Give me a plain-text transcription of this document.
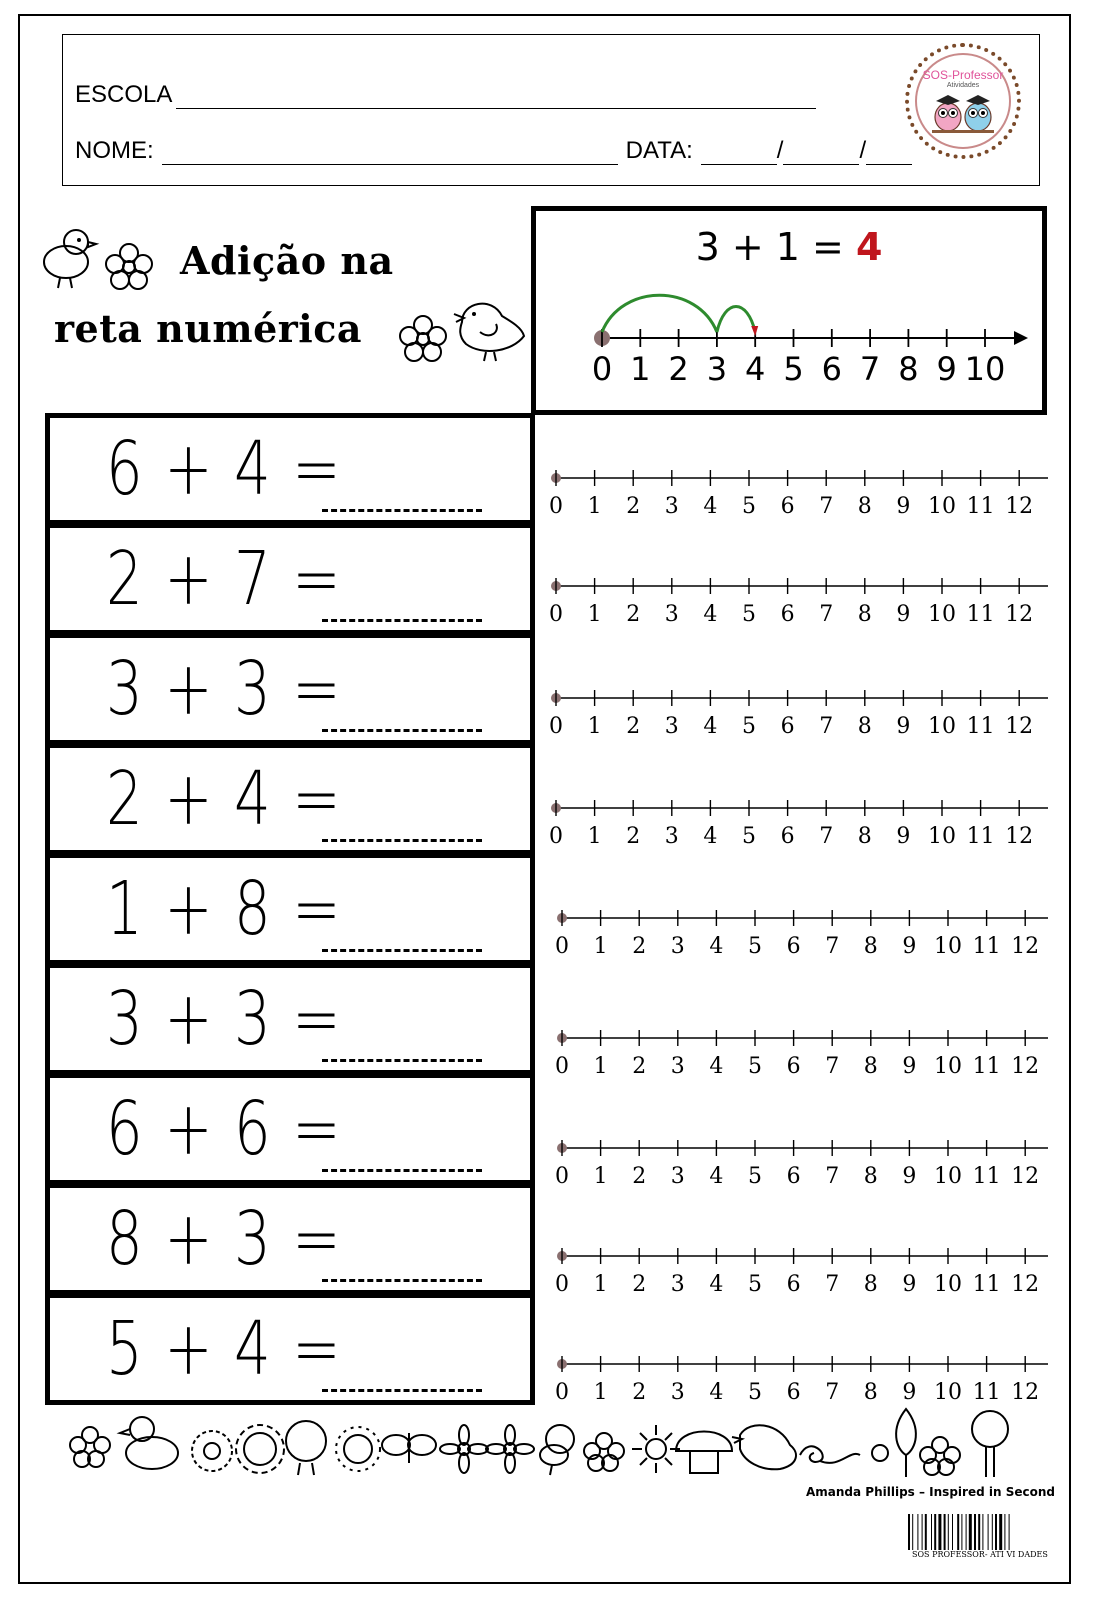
ESCOLA
NOME:	DATA:	/	/
SOS-Professor
Atividades
Adição na
reta numérica
3 + 1 = 4
0 1 2 3 4 5 6 7 8 9 10
6 + 4 =
2 + 7 =
3 + 3 =
2 + 4 =
1 + 8 =
3 + 3 =
6 + 6 =
8 + 3 =
5 + 4 =
Amanda Phillips – Inspired in Second
SOS PROFESSOR- ATI VI DADES
0 1 2 3 4 5 6 7 8 9 10 11 12
0 1 2 3 4 5 6 7 8 9 10 11 12
0 1 2 3 4 5 6 7 8 9 10 11 12
0 1 2 3 4 5 6 7 8 9 10 11 12
0 1 2 3 4 5 6 7 8 9 10 11 12
0 1 2 3 4 5 6 7 8 9 10 11 12
0 1 2 3 4 5 6 7 8 9 10 11 12
0 1 2 3 4 5 6 7 8 9 10 11 12
0 1 2 3 4 5 6 7 8 9 10 11 12
